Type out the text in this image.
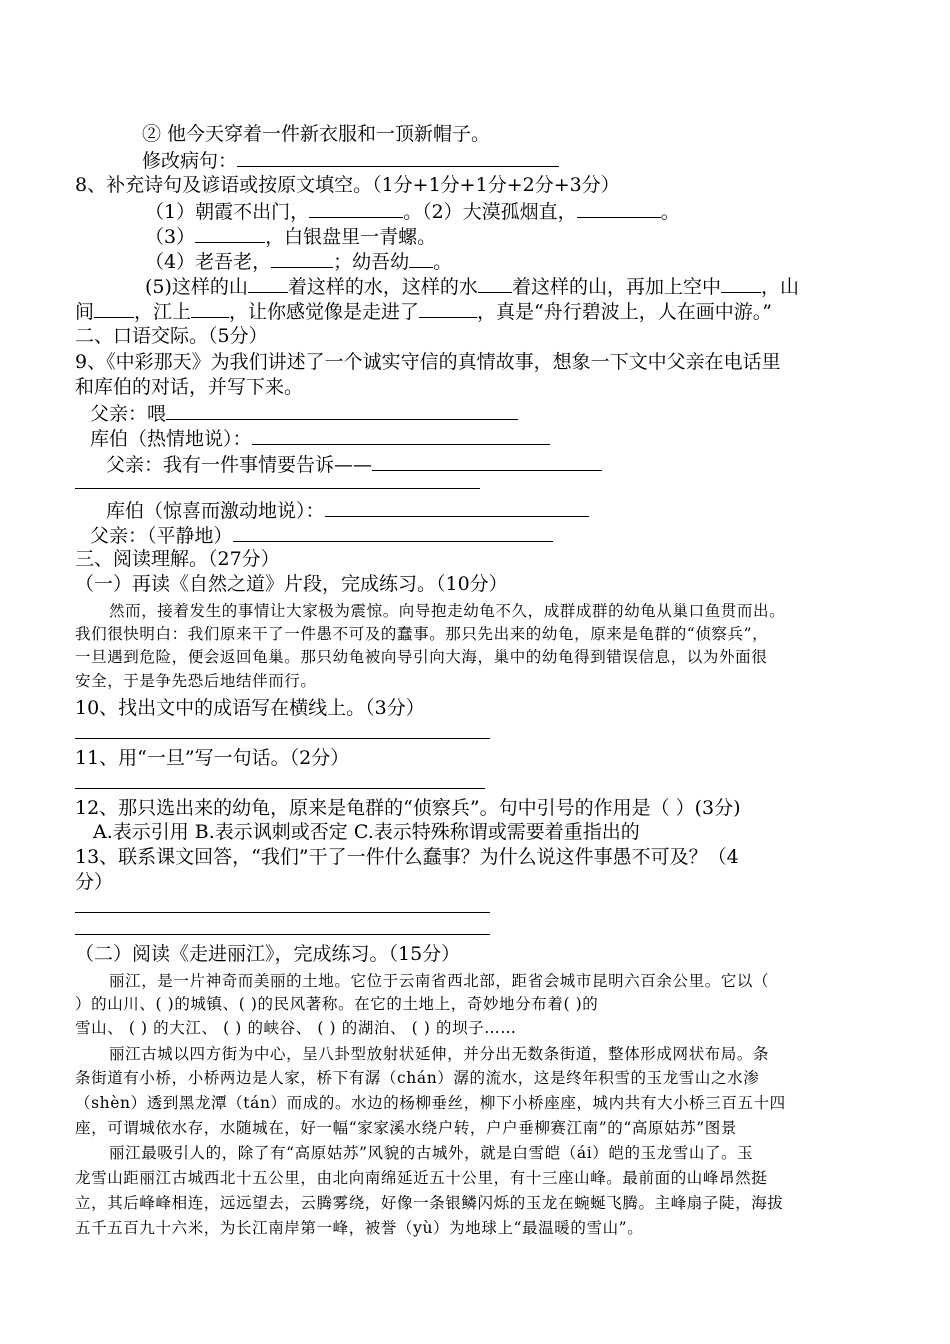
② 他今天穿着一件新衣服和一顶新帽子。
修改病句：
8、补充诗句及谚语或按原文填空。（1分+1分+1分+2分+3分）
（1）朝霞不出门，	。（2）大漠孤烟直，	。
（3）	，白银盘里一青螺。
（4）老吾老，	；幼吾幼 。
(5)这样的山 着这样的水，这样的水 着这样的山，再加上空中 ，山
间 ，江上 ，让你感觉像是走进了	，真是“舟行碧波上，人在画中游。”
二、口语交际。（5分）
9、《中彩那天》为我们讲述了一个诚实守信的真情故事，想象一下文中父亲在电话里
和库伯的对话，并写下来。
父亲：喂
库伯（热情地说）：
父亲：我有一件事情要告诉——
库伯（惊喜而激动地说）：
父亲：（平静地）
三、阅读理解。（27分）
（一）再读《自然之道》片段，完成练习。（10分）
然而，接着发生的事情让大家极为震惊。向导抱走幼龟不久，成群成群的幼龟从巢口鱼贯而出。
我们很快明白：我们原来干了一件愚不可及的蠢事。那只先出来的幼龟，原来是龟群的“侦察兵”，
一旦遇到危险，便会返回龟巢。那只幼龟被向导引向大海，巢中的幼龟得到错误信息，以为外面很
安全，于是争先恐后地结伴而行。
10、找出文中的成语写在横线上。（3分）
11、用“一旦”写一句话。（2分）
12、那只选出来的幼龟，原来是龟群的“侦察兵”。句中引号的作用是（ ）(3分)
A.表示引用 B.表示讽刺或否定 C.表示特殊称谓或需要着重指出的
13、联系课文回答，“我们”干了一件什么蠢事？为什么说这件事愚不可及？（4
分）
（二）阅读《走进丽江》，完成练习。（15分）
丽江，是一片神奇而美丽的土地。它位于云南省西北部，距省会城市昆明六百余公里。它以（
）的山川、( )的城镇、( )的民风著称。在它的土地上，奇妙地分布着( )的
雪山、 ( ) 的大江、 ( ) 的峡谷、 ( ) 的湖泊、 ( ) 的坝子……
丽江古城以四方街为中心，呈八卦型放射状延伸，并分出无数条街道，整体形成网状布局。条
条街道有小桥，小桥两边是人家，桥下有潺（chán）潺的流水，这是终年积雪的玉龙雪山之水渗
（shèn）透到黑龙潭（tán）而成的。水边的杨柳垂丝，柳下小桥座座，城内共有大小桥三百五十四
座，可谓城依水存，水随城在，好一幅“家家溪水绕户转，户户垂柳赛江南”的“高原姑苏”图景
丽江最吸引人的，除了有“高原姑苏”风貌的古城外，就是白雪皑（ái）皑的玉龙雪山了。玉
龙雪山距丽江古城西北十五公里，由北向南绵延近五十公里，有十三座山峰。最前面的山峰昂然挺
立，其后峰峰相连，远远望去，云腾雾绕，好像一条银鳞闪烁的玉龙在蜿蜒飞腾。主峰扇子陡，海拔
五千五百九十六米，为长江南岸第一峰，被誉（yù）为地球上“最温暖的雪山”。
